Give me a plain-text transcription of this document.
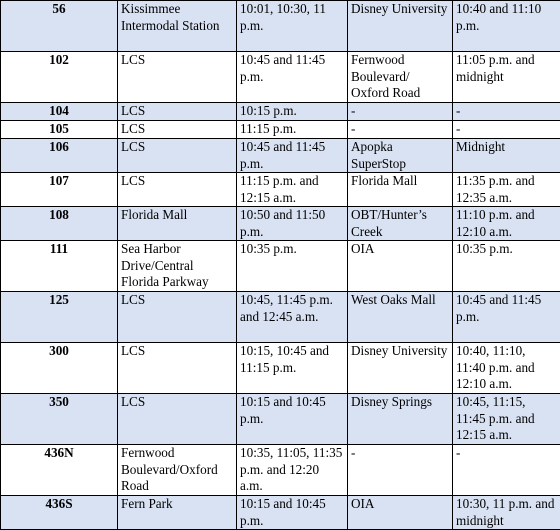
56	Kissimmee Intermodal Station	10:01, 10:30, 11 p.m.	Disney University	10:40 and 11:10 p.m.
102	LCS	10:45 and 11:45 p.m.	Fernwood Boulevard/ Oxford Road	11:05 p.m. and midnight
104	LCS	10:15 p.m.	-	-
105	LCS	11:15 p.m.	-	-
106	LCS	10:45 and 11:45 p.m.	Apopka SuperStop	Midnight
107	LCS	11:15 p.m. and 12:15 a.m.	Florida Mall	11:35 p.m. and 12:35 a.m.
108	Florida Mall	10:50 and 11:50 p.m.	OBT/Hunter’s Creek	11:10 p.m. and 12:10 a.m.
111	Sea Harbor Drive/Central Florida Parkway	10:35 p.m.	OIA	10:35 p.m.
125	LCS	10:45, 11:45 p.m. and 12:45 a.m.	West Oaks Mall	10:45 and 11:45 p.m.
300	LCS	10:15, 10:45 and 11:15 p.m.	Disney University	10:40, 11:10, 11:40 p.m. and 12:10 a.m.
350	LCS	10:15 and 10:45 p.m.	Disney Springs	10:45, 11:15, 11:45 p.m. and 12:15 a.m.
436N	Fernwood Boulevard/Oxford Road	10:35, 11:05, 11:35 p.m. and 12:20 a.m.	-	-
436S	Fern Park	10:15 and 10:45 p.m.	OIA	10:30, 11 p.m. and midnight
